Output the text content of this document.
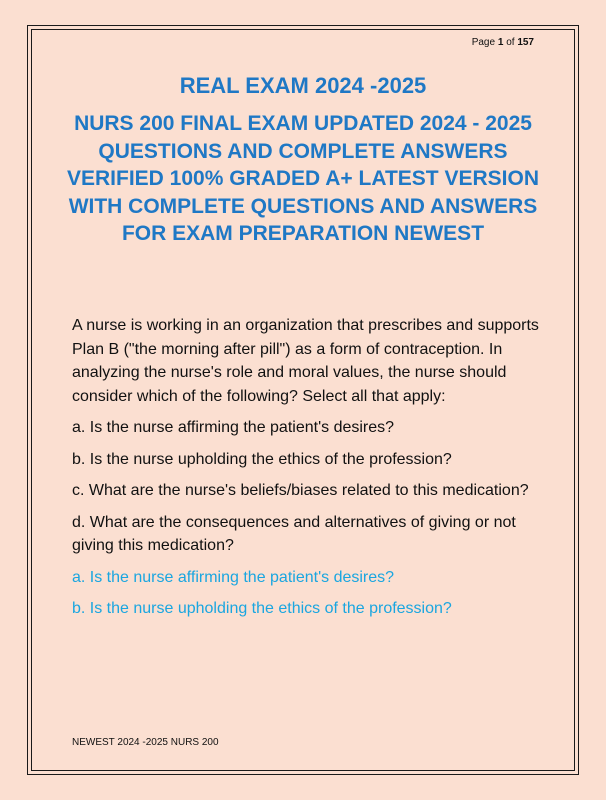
Page 1 of 157
REAL EXAM 2024 -2025
NURS 200 FINAL EXAM UPDATED 2024 - 2025 QUESTIONS AND COMPLETE ANSWERS VERIFIED 100% GRADED A+ LATEST VERSION WITH COMPLETE QUESTIONS AND ANSWERS FOR EXAM PREPARATION NEWEST

A nurse is working in an organization that prescribes and supports Plan B ("the morning after pill") as a form of contraception. In analyzing the nurse's role and moral values, the nurse should consider which of the following? Select all that apply:

a. Is the nurse affirming the patient's desires?

b. Is the nurse upholding the ethics of the profession?

c. What are the nurse's beliefs/biases related to this medication?

d. What are the consequences and alternatives of giving or not giving this medication?

a. Is the nurse affirming the patient's desires?

b. Is the nurse upholding the ethics of the profession?

NEWEST 2024 -2025 NURS 200
